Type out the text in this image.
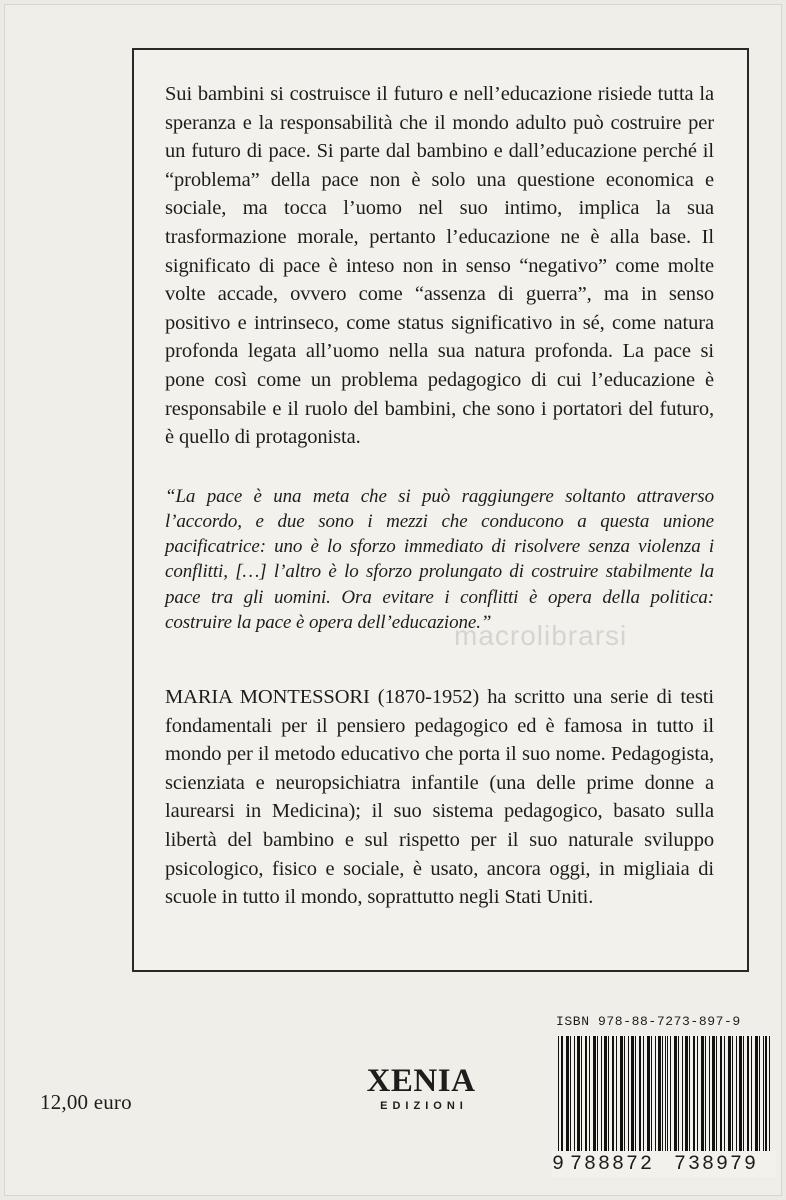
Sui bambini si costruisce il futuro e nell’educazione risiede tutta la speranza e la responsabilità che il mondo adulto può costruire per un futuro di pace. Si parte dal bambino e dall’educazione perché il “problema” della pace non è solo una questione economica e sociale, ma tocca l’uomo nel suo intimo, implica la sua trasformazione morale, pertanto l’educazione ne è alla base. Il significato di pace è inteso non in senso “negativo” come molte volte accade, ovvero come “assenza di guerra”, ma in senso positivo e intrinseco, come status significativo in sé, come natura profonda legata all’uomo nella sua natura profonda. La pace si pone così come un problema pedagogico di cui l’educazione è responsabile e il ruolo del bambini, che sono i portatori del futuro, è quello di protagonista.

“La pace è una meta che si può raggiungere soltanto attraverso l’accordo, e due sono i mezzi che conducono a questa unione pacificatrice: uno è lo sforzo immediato di risolvere senza violenza i conflitti, […] l’altro è lo sforzo prolungato di costruire stabilmente la pace tra gli uomini. Ora evitare i conflitti è opera della politica: costruire la pace è opera dell’educazione.”

MARIA MONTESSORI (1870-1952) ha scritto una serie di testi fondamentali per il pensiero pedagogico ed è famosa in tutto il mondo per il metodo educativo che porta il suo nome. Pedagogista, scienziata e neuropsichiatra infantile (una delle prime donne a laurearsi in Medicina); il suo sistema pedagogico, basato sulla libertà del bambino e sul rispetto per il suo naturale sviluppo psicologico, fisico e sociale, è usato, ancora oggi, in migliaia di scuole in tutto il mondo, soprattutto negli Stati Uniti.

macrolibrarsi
12,00 euro
XENIA
EDIZIONI
ISBN 978-88-7273-897-9
9 788872 738979
